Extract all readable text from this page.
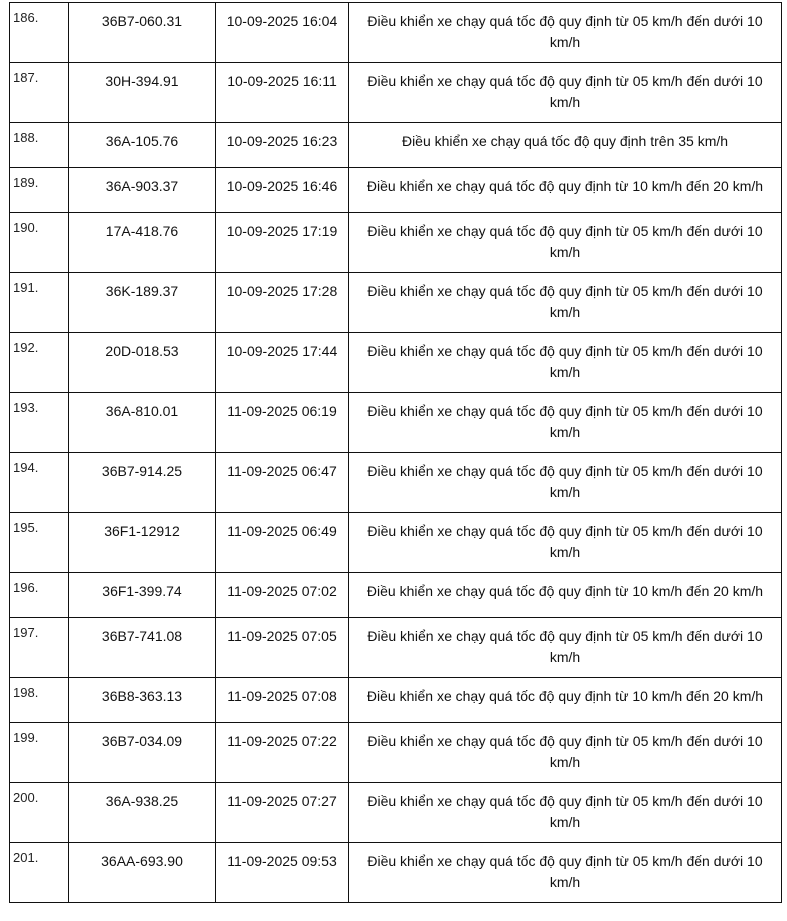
186.	36B7-060.31	10-09-2025 16:04	Điều khiển xe chạy quá tốc độ quy định từ 05 km/h đến dưới 10 km/h
187.	30H-394.91	10-09-2025 16:11	Điều khiển xe chạy quá tốc độ quy định từ 05 km/h đến dưới 10 km/h
188.	36A-105.76	10-09-2025 16:23	Điều khiển xe chạy quá tốc độ quy định trên 35 km/h
189.	36A-903.37	10-09-2025 16:46	Điều khiển xe chạy quá tốc độ quy định từ 10 km/h đến 20 km/h
190.	17A-418.76	10-09-2025 17:19	Điều khiển xe chạy quá tốc độ quy định từ 05 km/h đến dưới 10 km/h
191.	36K-189.37	10-09-2025 17:28	Điều khiển xe chạy quá tốc độ quy định từ 05 km/h đến dưới 10 km/h
192.	20D-018.53	10-09-2025 17:44	Điều khiển xe chạy quá tốc độ quy định từ 05 km/h đến dưới 10 km/h
193.	36A-810.01	11-09-2025 06:19	Điều khiển xe chạy quá tốc độ quy định từ 05 km/h đến dưới 10 km/h
194.	36B7-914.25	11-09-2025 06:47	Điều khiển xe chạy quá tốc độ quy định từ 05 km/h đến dưới 10 km/h
195.	36F1-12912	11-09-2025 06:49	Điều khiển xe chạy quá tốc độ quy định từ 05 km/h đến dưới 10 km/h
196.	36F1-399.74	11-09-2025 07:02	Điều khiển xe chạy quá tốc độ quy định từ 10 km/h đến 20 km/h
197.	36B7-741.08	11-09-2025 07:05	Điều khiển xe chạy quá tốc độ quy định từ 05 km/h đến dưới 10 km/h
198.	36B8-363.13	11-09-2025 07:08	Điều khiển xe chạy quá tốc độ quy định từ 10 km/h đến 20 km/h
199.	36B7-034.09	11-09-2025 07:22	Điều khiển xe chạy quá tốc độ quy định từ 05 km/h đến dưới 10 km/h
200.	36A-938.25	11-09-2025 07:27	Điều khiển xe chạy quá tốc độ quy định từ 05 km/h đến dưới 10 km/h
201.	36AA-693.90	11-09-2025 09:53	Điều khiển xe chạy quá tốc độ quy định từ 05 km/h đến dưới 10 km/h
